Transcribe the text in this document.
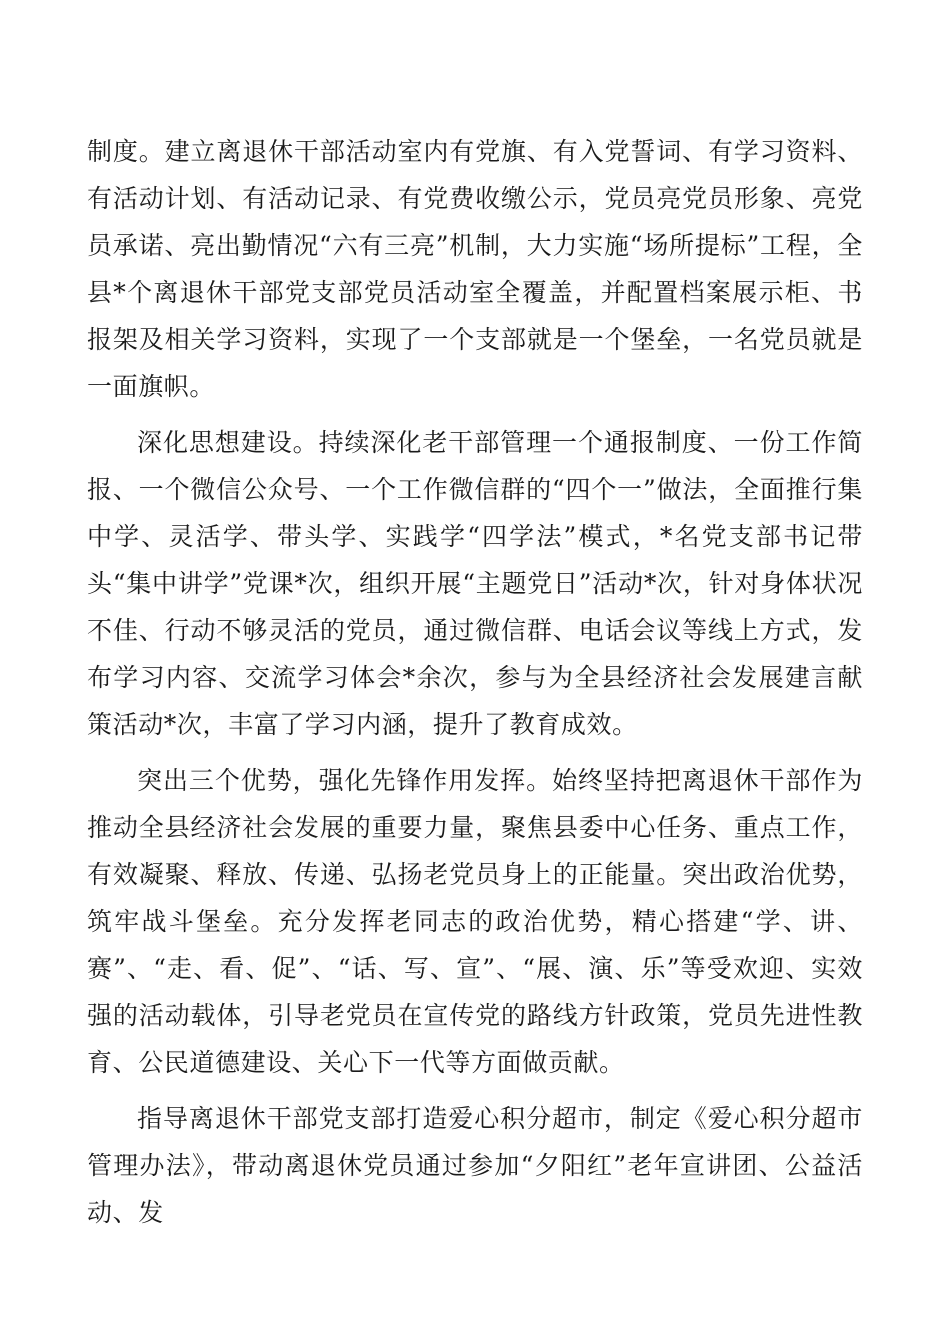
制度。建立离退休干部活动室内有党旗、有入党誓词、有学习资料、有活动计划、有活动记录、有党费收缴公示，党员亮党员形象、亮党员承诺、亮出勤情况“六有三亮”机制，大力实施“场所提标”工程，全县*个离退休干部党支部党员活动室全覆盖，并配置档案展示柜、书报架及相关学习资料，实现了一个支部就是一个堡垒，一名党员就是一面旗帜。

深化思想建设。持续深化老干部管理一个通报制度、一份工作简报、一个微信公众号、一个工作微信群的“四个一”做法，全面推行集中学、灵活学、带头学、实践学“四学法”模式，*名党支部书记带头“集中讲学”党课*次，组织开展“主题党日”活动*次，针对身体状况不佳、行动不够灵活的党员，通过微信群、电话会议等线上方式，发布学习内容、交流学习体会*余次，参与为全县经济社会发展建言献策活动*次，丰富了学习内涵，提升了教育成效。

突出三个优势，强化先锋作用发挥。始终坚持把离退休干部作为推动全县经济社会发展的重要力量，聚焦县委中心任务、重点工作，有效凝聚、释放、传递、弘扬老党员身上的正能量。突出政治优势，筑牢战斗堡垒。充分发挥老同志的政治优势，精心搭建“学、讲、赛”、“走、看、促”、“话、写、宣”、“展、演、乐”等受欢迎、实效强的活动载体，引导老党员在宣传党的路线方针政策，党员先进性教育、公民道德建设、关心下一代等方面做贡献。

指导离退休干部党支部打造爱心积分超市，制定《爱心积分超市管理办法》，带动离退休党员通过参加“夕阳红”老年宣讲团、公益活动、发
